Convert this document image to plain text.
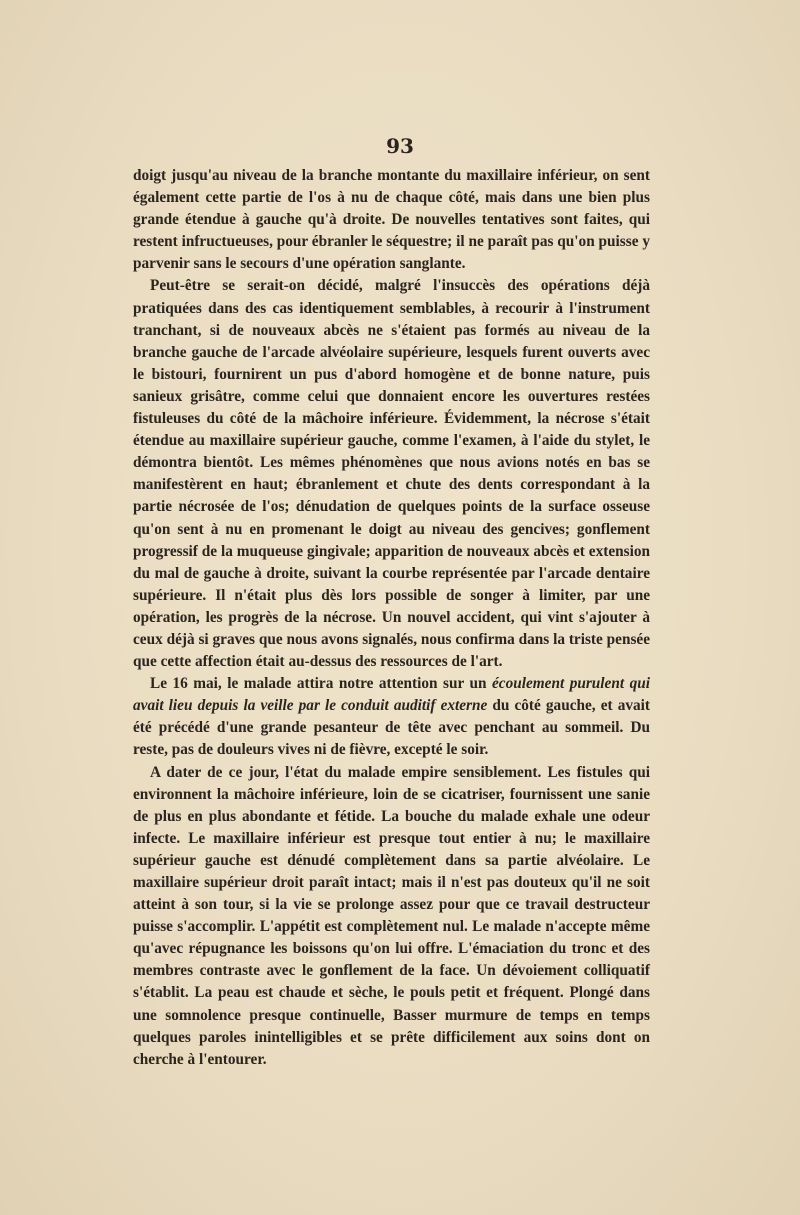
93

doigt jusqu'au niveau de la branche montante du maxillaire inférieur, on sent également cette partie de l'os à nu de chaque côté, mais dans une bien plus grande étendue à gauche qu'à droite. De nouvelles tentatives sont faites, qui restent infructueuses, pour ébranler le séquestre; il ne paraît pas qu'on puisse y parvenir sans le secours d'une opération sanglante.

Peut-être se serait-on décidé, malgré l'insuccès des opérations déjà pratiquées dans des cas identiquement semblables, à recourir à l'instrument tranchant, si de nouveaux abcès ne s'étaient pas formés au niveau de la branche gauche de l'arcade alvéolaire supérieure, lesquels furent ouverts avec le bistouri, fournirent un pus d'abord homogène et de bonne nature, puis sanieux grisâtre, comme celui que donnaient encore les ouvertures restées fistuleuses du côté de la mâchoire inférieure. Évidemment, la nécrose s'était étendue au maxillaire supérieur gauche, comme l'examen, à l'aide du stylet, le démontra bientôt. Les mêmes phénomènes que nous avions notés en bas se manifestèrent en haut; ébranlement et chute des dents correspondant à la partie nécrosée de l'os; dénudation de quelques points de la surface osseuse qu'on sent à nu en promenant le doigt au niveau des gencives; gonflement progressif de la muqueuse gingivale; apparition de nouveaux abcès et extension du mal de gauche à droite, suivant la courbe représentée par l'arcade dentaire supérieure. Il n'était plus dès lors possible de songer à limiter, par une opération, les progrès de la nécrose. Un nouvel accident, qui vint s'ajouter à ceux déjà si graves que nous avons signalés, nous confirma dans la triste pensée que cette affection était au-dessus des ressources de l'art.

Le 16 mai, le malade attira notre attention sur un écoulement purulent qui avait lieu depuis la veille par le conduit auditif externe du côté gauche, et avait été précédé d'une grande pesanteur de tête avec penchant au sommeil. Du reste, pas de douleurs vives ni de fièvre, excepté le soir.

A dater de ce jour, l'état du malade empire sensiblement. Les fistules qui environnent la mâchoire inférieure, loin de se cicatriser, fournissent une sanie de plus en plus abondante et fétide. La bouche du malade exhale une odeur infecte. Le maxillaire inférieur est presque tout entier à nu; le maxillaire supérieur gauche est dénudé complètement dans sa partie alvéolaire. Le maxillaire supérieur droit paraît intact; mais il n'est pas douteux qu'il ne soit atteint à son tour, si la vie se prolonge assez pour que ce travail destructeur puisse s'accomplir. L'appétit est complètement nul. Le malade n'accepte même qu'avec répugnance les boissons qu'on lui offre. L'émaciation du tronc et des membres contraste avec le gonflement de la face. Un dévoiement colliquatif s'établit. La peau est chaude et sèche, le pouls petit et fréquent. Plongé dans une somnolence presque continuelle, Basser murmure de temps en temps quelques paroles inintelligibles et se prête difficilement aux soins dont on cherche à l'entourer.
